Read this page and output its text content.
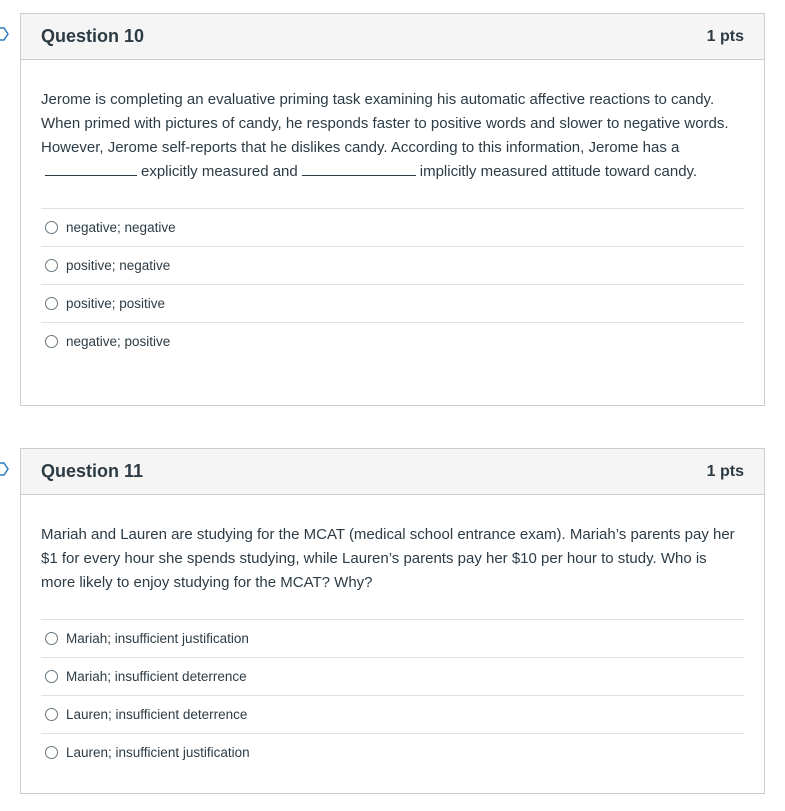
Question 10	1 pts

Jerome is completing an evaluative priming task examining his automatic affective reactions to candy. When primed with pictures of candy, he responds faster to positive words and slower to negative words. However, Jerome self-reports that he dislikes candy. According to this information, Jerome has aexplicitly measured and	implicitly measured attitude toward candy.

negative; negative
positive; negative
positive; positive
negative; positive
Question 11	1 pts

Mariah and Lauren are studying for the MCAT (medical school entrance exam). Mariah’s parents pay her $1 for every hour she spends studying, while Lauren’s parents pay her $10 per hour to study. Who is more likely to enjoy studying for the MCAT? Why?

Mariah; insufficient justification
Mariah; insufficient deterrence
Lauren; insufficient deterrence
Lauren; insufficient justification
